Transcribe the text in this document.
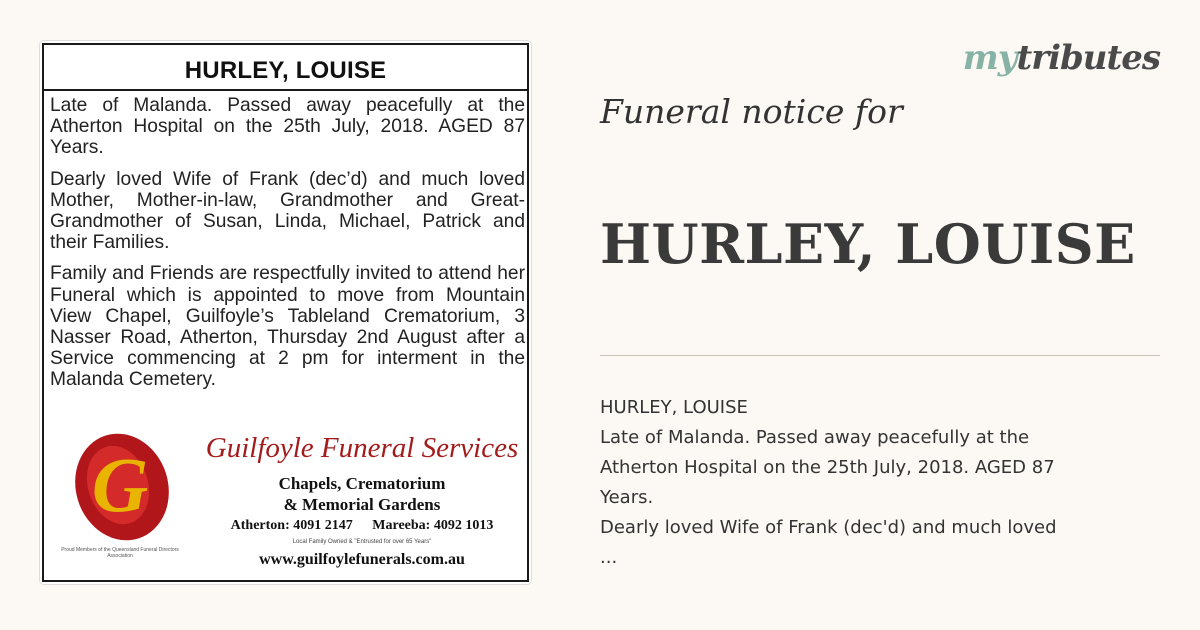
HURLEY, LOUISE

Late of Malanda. Passed away peacefully at the Atherton Hospital on the 25th July, 2018. AGED 87 Years.

Dearly loved Wife of Frank (dec’d) and much loved Mother, Mother-in-law, Grandmother and Great-Grandmother of Susan, Linda, Michael, Patrick and their Families.

Family and Friends are respectfully invited to attend her Funeral which is appointed to move from Mountain View Chapel, Guilfoyle’s Tableland Crematorium, 3 Nasser Road, Atherton, Thursday 2nd August after a Service commencing at 2 pm for interment in the Malanda Cemetery.

G
Proud Members of the Queensland Funeral Directors Association
Guilfoyle Funeral Services
Chapels, Crematorium
& Memorial Gardens
Atherton: 4091 2147 Mareeba: 4092 1013
Local Family Owned & "Entrusted for over 65 Years"
www.guilfoylefunerals.com.au
mytributes
Funeral notice for
HURLEY, LOUISE
HURLEY, LOUISE
Late of Malanda. Passed away peacefully at the
Atherton Hospital on the 25th July, 2018. AGED 87
Years.
Dearly loved Wife of Frank (dec'd) and much loved
...
